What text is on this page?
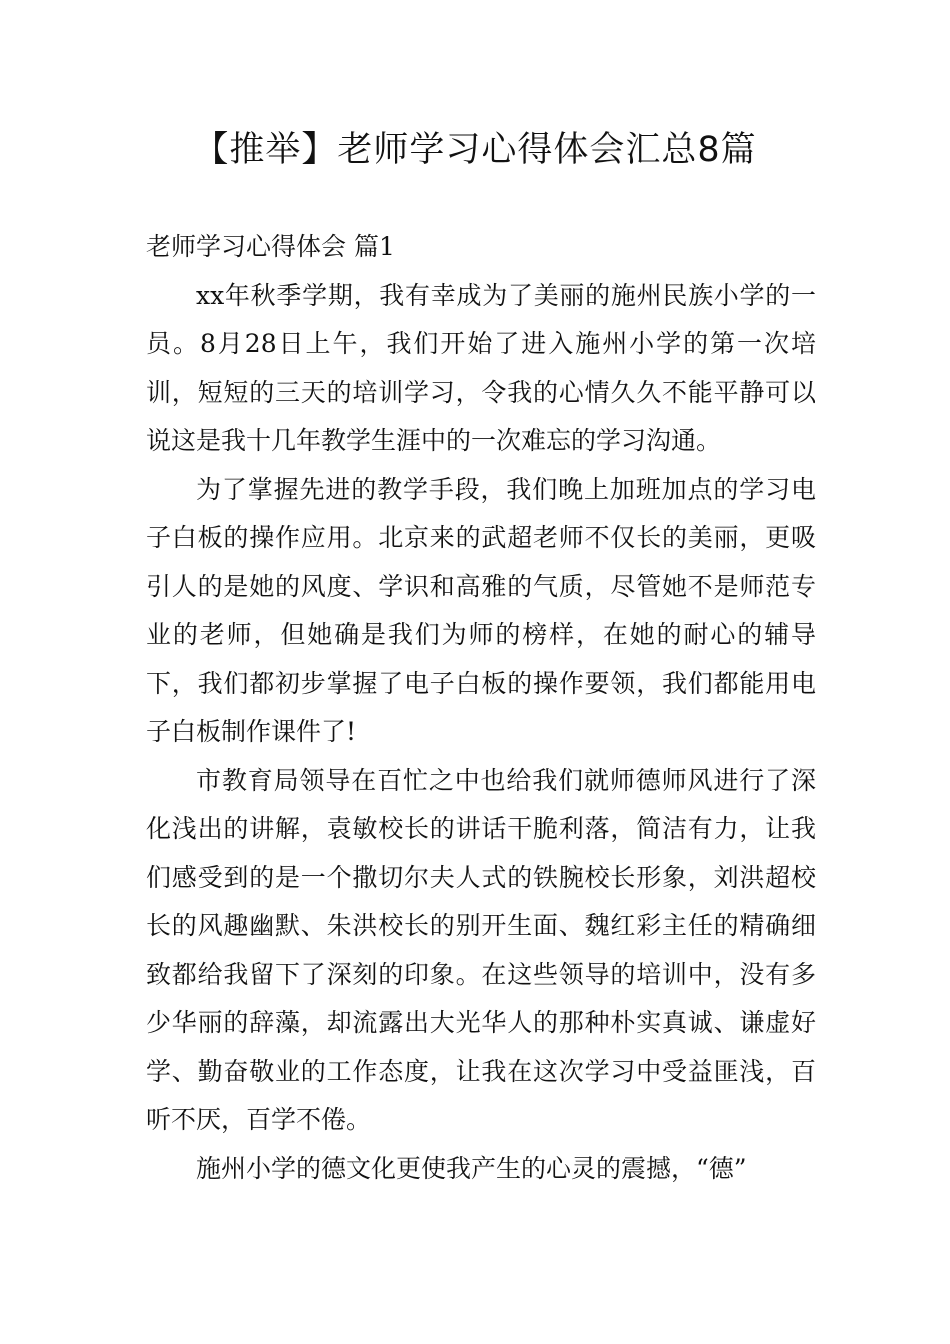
【推举】老师学习心得体会汇总8篇

老师学习心得体会 篇1

xx年秋季学期，我有幸成为了美丽的施州民族小学的一员。8月28日上午，我们开始了进入施州小学的第一次培训，短短的三天的培训学习，令我的心情久久不能平静可以说这是我十几年教学生涯中的一次难忘的学习沟通。

为了掌握先进的教学手段，我们晚上加班加点的学习电子白板的操作应用。北京来的武超老师不仅长的美丽，更吸引人的是她的风度、学识和高雅的气质，尽管她不是师范专业的老师，但她确是我们为师的榜样，在她的耐心的辅导下，我们都初步掌握了电子白板的操作要领，我们都能用电子白板制作课件了!

市教育局领导在百忙之中也给我们就师德师风进行了深化浅出的讲解，袁敏校长的讲话干脆利落，简洁有力，让我们感受到的是一个撒切尔夫人式的铁腕校长形象，刘洪超校长的风趣幽默、朱洪校长的别开生面、魏红彩主任的精确细致都给我留下了深刻的印象。在这些领导的培训中，没有多少华丽的辞藻，却流露出大光华人的那种朴实真诚、谦虚好学、勤奋敬业的工作态度，让我在这次学习中受益匪浅，百听不厌，百学不倦。

施州小学的德文化更使我产生的心灵的震撼，“德”
